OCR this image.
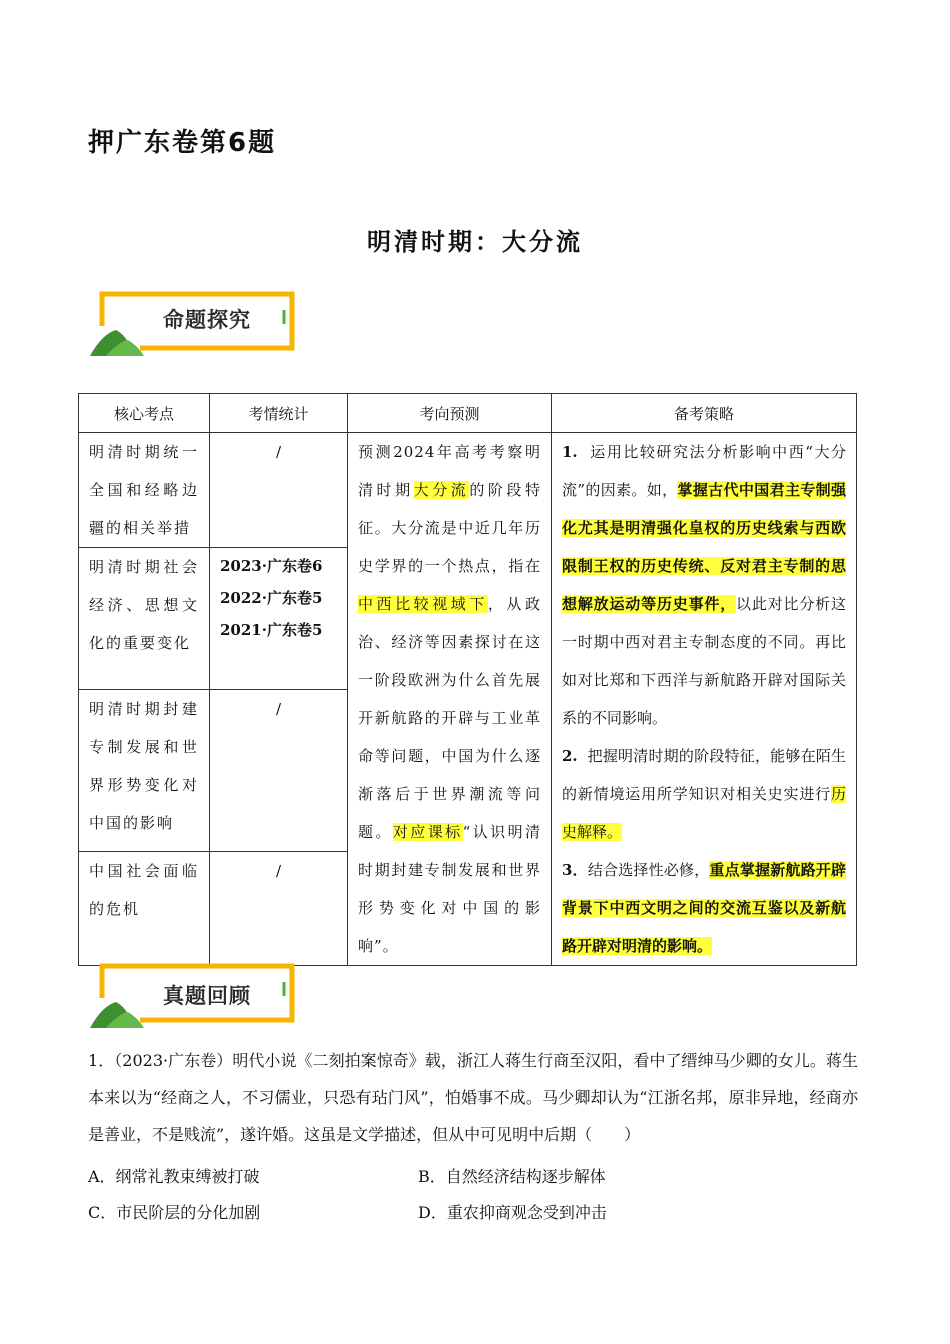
押广东卷第6题
明清时期：大分流
命题探究
核心考点	考情统计	考向预测	备考策略
明清时期统一全国和经略边疆的相关举措	/	预测2024年高考考察明清时期大分流的阶段特征。大分流是中近几年历史学界的一个热点，指在中西比较视域下，从政治、经济等因素探讨在这一阶段欧洲为什么首先展开新航路的开辟与工业革命等问题，中国为什么逐渐落后于世界潮流等问题。对应课标“认识明清时期封建专制发展和世界形势变化对中国的影响”。	1. 运用比较研究法分析影响中西“大分流”的因素。如，掌握古代中国君主专制强化尤其是明清强化皇权的历史线索与西欧限制王权的历史传统、反对君主专制的思想解放运动等历史事件，以此对比分析这一时期中西对君主专制态度的不同。再比如对比郑和下西洋与新航路开辟对国际关系的不同影响。
2. 把握明清时期的阶段特征，能够在陌生的新情境运用所学知识对相关史实进行历史解释。
3．结合选择性必修，重点掌握新航路开辟背景下中西文明之间的交流互鉴以及新航路开辟对明清的影响。
明清时期社会经济、思想文化的重要变化	2023·广东卷6
2022·广东卷5
2021·广东卷5		

明清时期封建专制发展和世界形势变化对中国的影响	/		
中国社会面临的危机	/		
真题回顾

1．（2023·广东卷）明代小说《二刻拍案惊奇》载，浙江人蒋生行商至汉阳，看中了缙绅马少卿的女儿。蒋生本来以为“经商之人，不习儒业，只恐有玷门风”，怕婚事不成。马少卿却认为“江浙名邦，原非异地，经商亦是善业，不是贱流”，遂许婚。这虽是文学描述，但从中可见明中后期（　　）

A．纲常礼教束缚被打破	B．自然经济结构逐步解体
C．市民阶层的分化加剧	D．重农抑商观念受到冲击
